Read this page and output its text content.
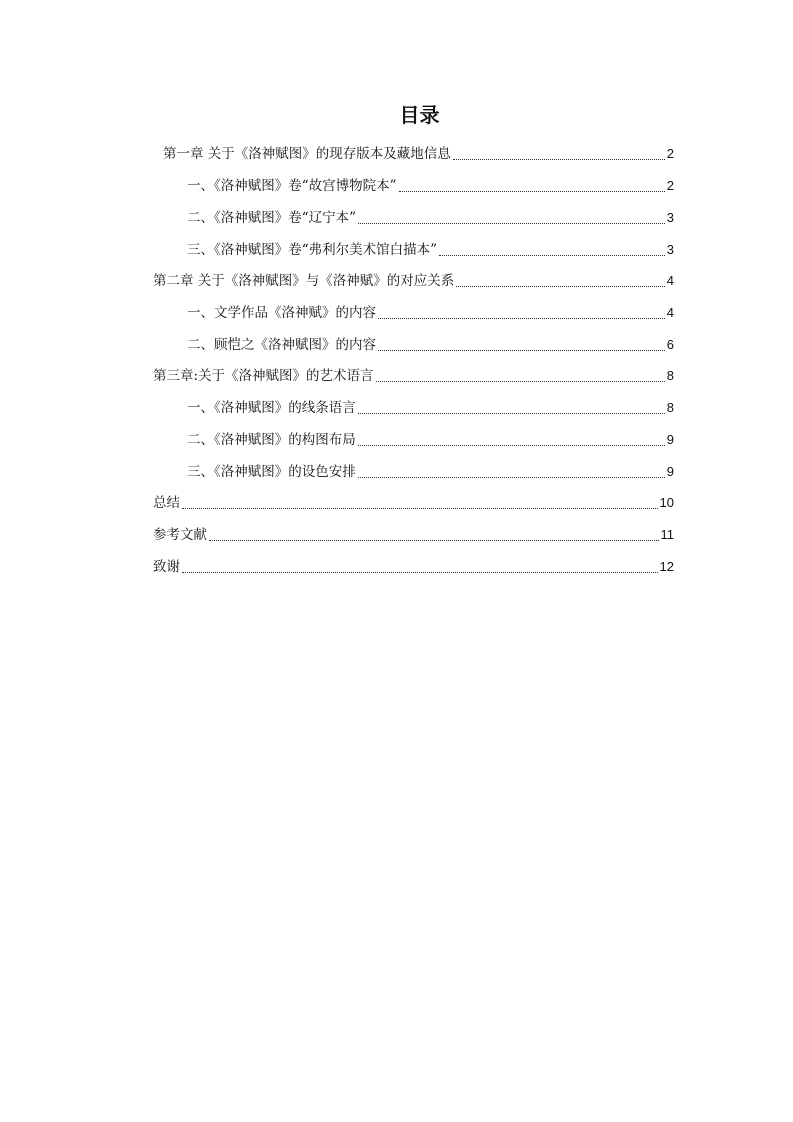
目录
第一章 关于《洛神赋图》的现存版本及藏地信息	2
一、《洛神赋图》卷“故宫博物院本”	2
二、《洛神赋图》卷“辽宁本”	3
三、《洛神赋图》卷“弗利尔美术馆白描本”	3
第二章 关于《洛神赋图》与《洛神赋》的对应关系	4
一、文学作品《洛神赋》的内容	4
二、顾恺之《洛神赋图》的内容	6
第三章:关于《洛神赋图》的艺术语言	8
一、《洛神赋图》的线条语言	8
二、《洛神赋图》的构图布局	9
三、《洛神赋图》的设色安排	9
总结	10
参考文献	11
致谢	12
